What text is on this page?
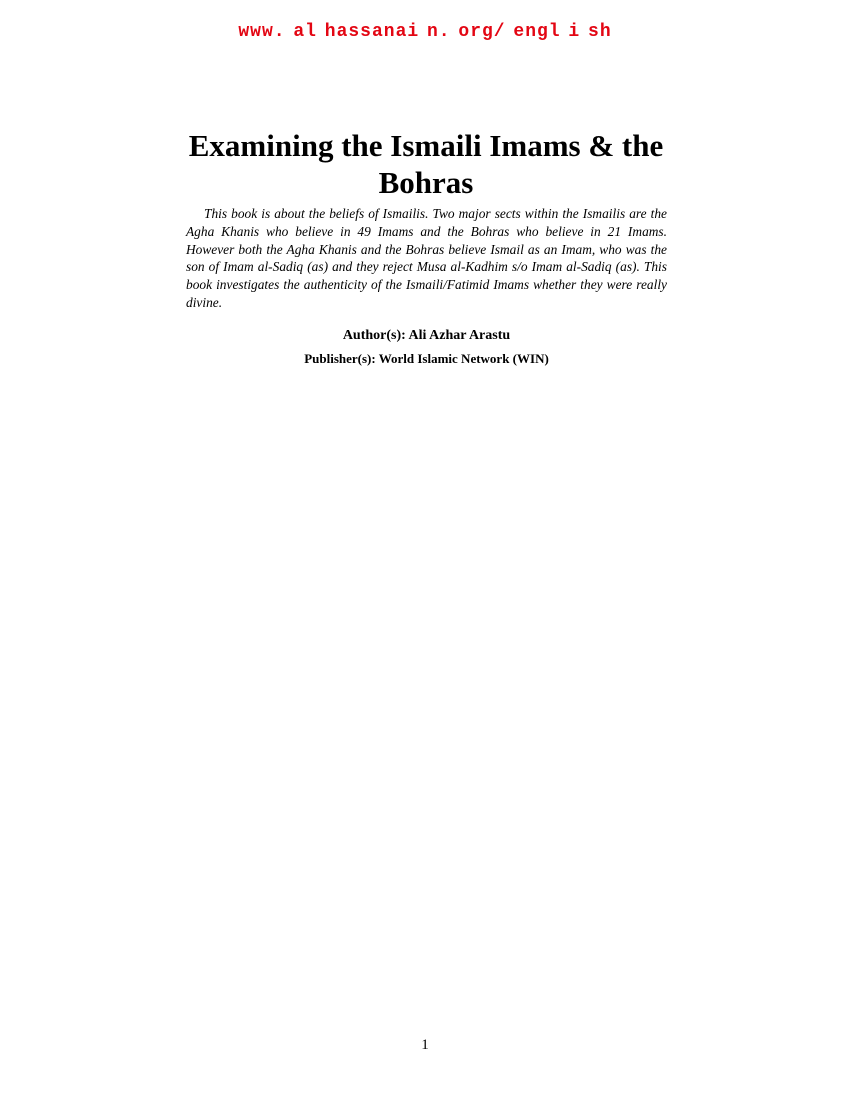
www. al hassanai n. org/ engl i sh
Examining the Ismaili Imams & the Bohras

This book is about the beliefs of Ismailis. Two major sects within the Ismailis are the Agha Khanis who believe in 49 Imams and the Bohras who believe in 21 Imams. However both the Agha Khanis and the Bohras believe Ismail as an Imam, who was the son of Imam al-Sadiq (as) and they reject Musa al-Kadhim s/o Imam al-Sadiq (as). This book investigates the authenticity of the Ismaili/Fatimid Imams whether they were really divine.

Author(s): Ali Azhar Arastu
Publisher(s): World Islamic Network (WIN)
1
